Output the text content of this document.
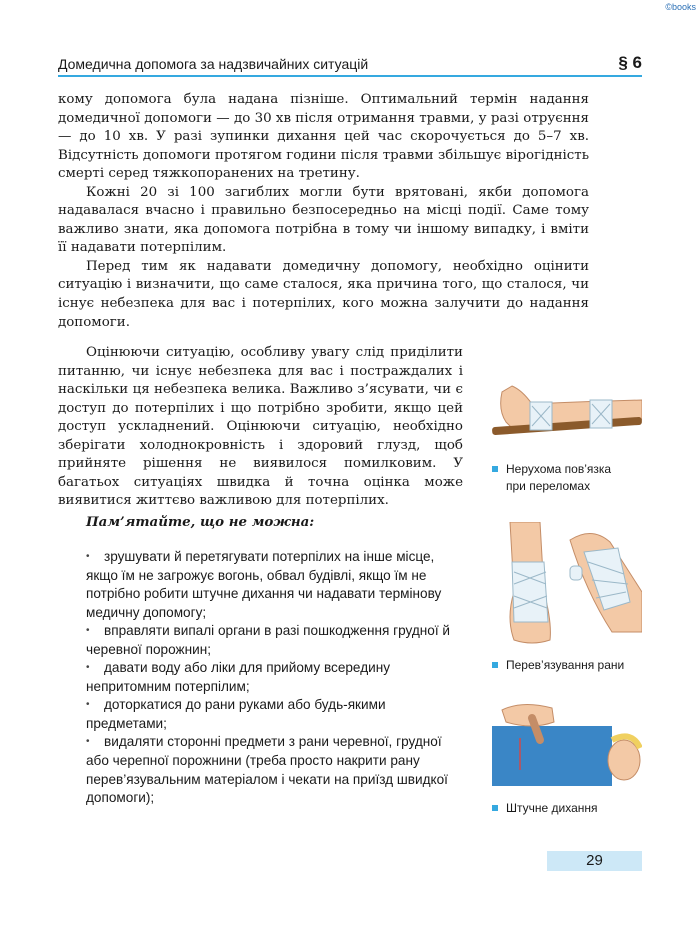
©books
Домедична допомога за надзвичайних ситуацій	§ 6

кому допомога була надана пізніше. Оптимальний термін надання домедичної допомоги — до 30 хв після отримання травми, у разі отруєння — до 10 хв. У разі зупинки дихання цей час скорочується до 5–7 хв. Відсутність допомоги протягом години після травми збільшує вірогідність смерті серед тяжкопоранених на третину.

Кожні 20 зі 100 загиблих могли бути врятовані, якби допомога надавалася вчасно і правильно безпосередньо на місці події. Саме тому важливо знати, яка допомога потрібна в тому чи іншому випадку, і вміти її надавати потерпілим.

Перед тим як надавати домедичну допомогу, необхідно оцінити ситуацію і визначити, що саме сталося, яка причина того, що сталося, чи існує небезпека для вас і потерпілих, кого можна залучити до надання допомоги.

Оцінюючи ситуацію, особливу увагу слід приділити питанню, чи існує небезпека для вас і постраждалих і наскільки ця небезпека велика. Важливо з’ясувати, чи є доступ до потерпілих і що потрібно зробити, якщо цей доступ ускладнений. Оцінюючи ситуацію, необхідно зберігати холоднокровність і здоровий глузд, щоб прийняте рішення не виявилося помилковим. У багатьох ситуаціях швидка й точна оцінка може виявитися життєво важливою для потерпілих.

Пам’ятайте, що не можна:

• зрушувати й перетягувати потерпілих на інше місце, якщо їм не загрожує вогонь, обвал будівлі, якщо їм не потрібно робити штучне дихання чи надавати термінову медичну допомогу;
• вправляти випалі органи в разі пошкодження грудної й черевної порожнин;
• давати воду або ліки для прийому всередину непритомним потерпілим;
• доторкатися до рани руками або будь-якими предметами;
• видаляти сторонні предмети з рани черевної, грудної або черепної порожнини (треба просто накрити рану перев’язувальним матеріалом і чекати на приїзд швидкої допомоги);
Нерухома пов’язка
при переломах
Перев’язування рани
Штучне дихання
29
